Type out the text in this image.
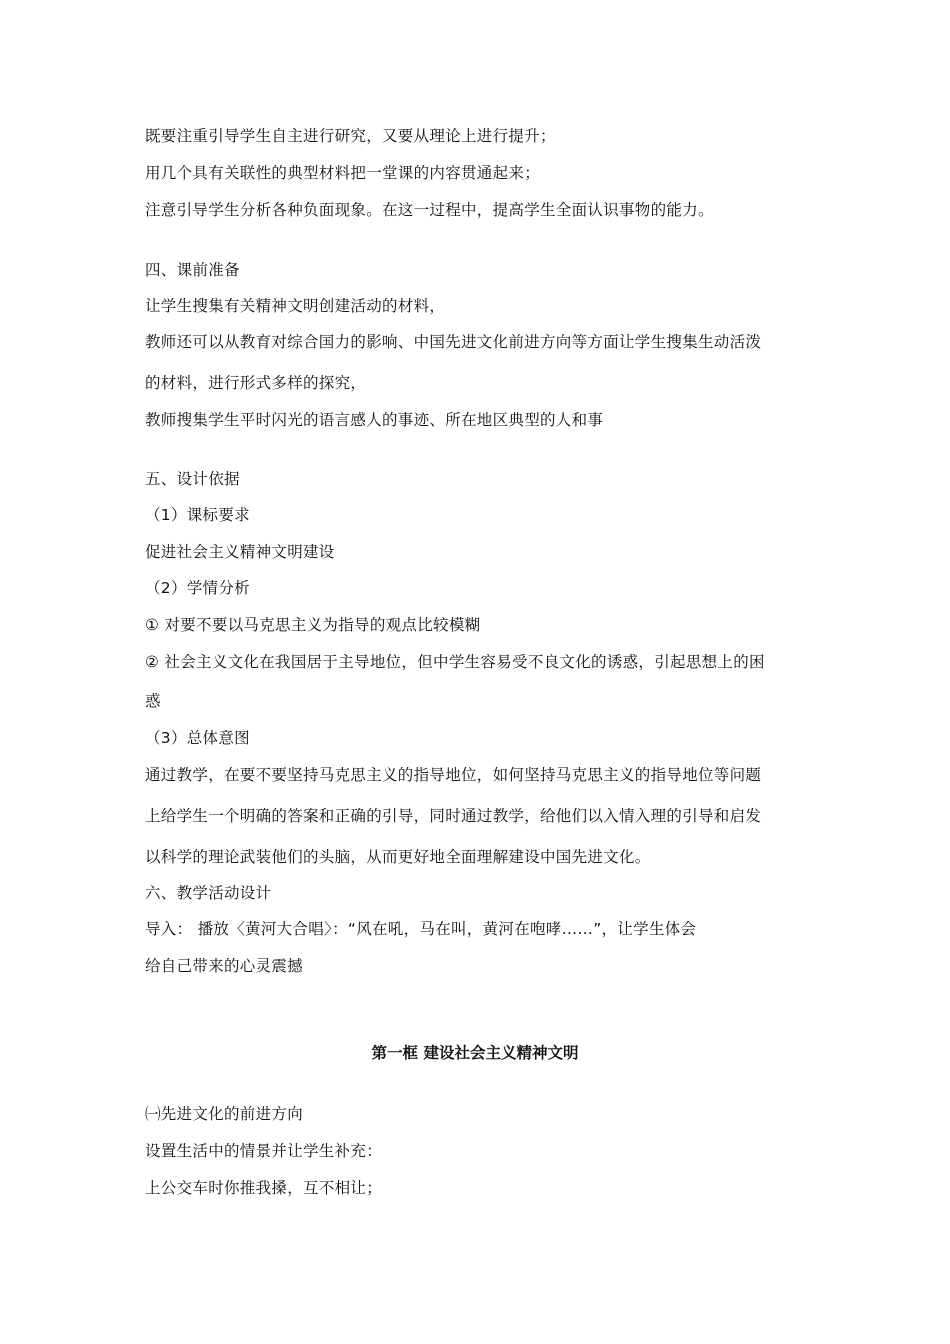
既要注重引导学生自主进行研究，又要从理论上进行提升；
用几个具有关联性的典型材料把一堂课的内容贯通起来；
注意引导学生分析各种负面现象。在这一过程中，提高学生全面认识事物的能力。
四、课前准备
让学生搜集有关精神文明创建活动的材料，
教师还可以从教育对综合国力的影响、中国先进文化前进方向等方面让学生搜集生动活泼
的材料，进行形式多样的探究，
教师搜集学生平时闪光的语言感人的事迹、所在地区典型的人和事
五、设计依据
（1）课标要求
促进社会主义精神文明建设
（2）学情分析
① 对要不要以马克思主义为指导的观点比较模糊
② 社会主义文化在我国居于主导地位，但中学生容易受不良文化的诱惑，引起思想上的困
惑
（3）总体意图
通过教学，在要不要坚持马克思主义的指导地位，如何坚持马克思主义的指导地位等问题
上给学生一个明确的答案和正确的引导，同时通过教学，给他们以入情入理的引导和启发
以科学的理论武装他们的头脑，从而更好地全面理解建设中国先进文化。
六、教学活动设计
导入： 播放〈黄河大合唱〉：“风在吼，马在叫，黄河在咆哮……”，让学生体会
给自己带来的心灵震撼
第一框 建设社会主义精神文明
㈠先进文化的前进方向
设置生活中的情景并让学生补充：
上公交车时你推我搡，互不相让；
